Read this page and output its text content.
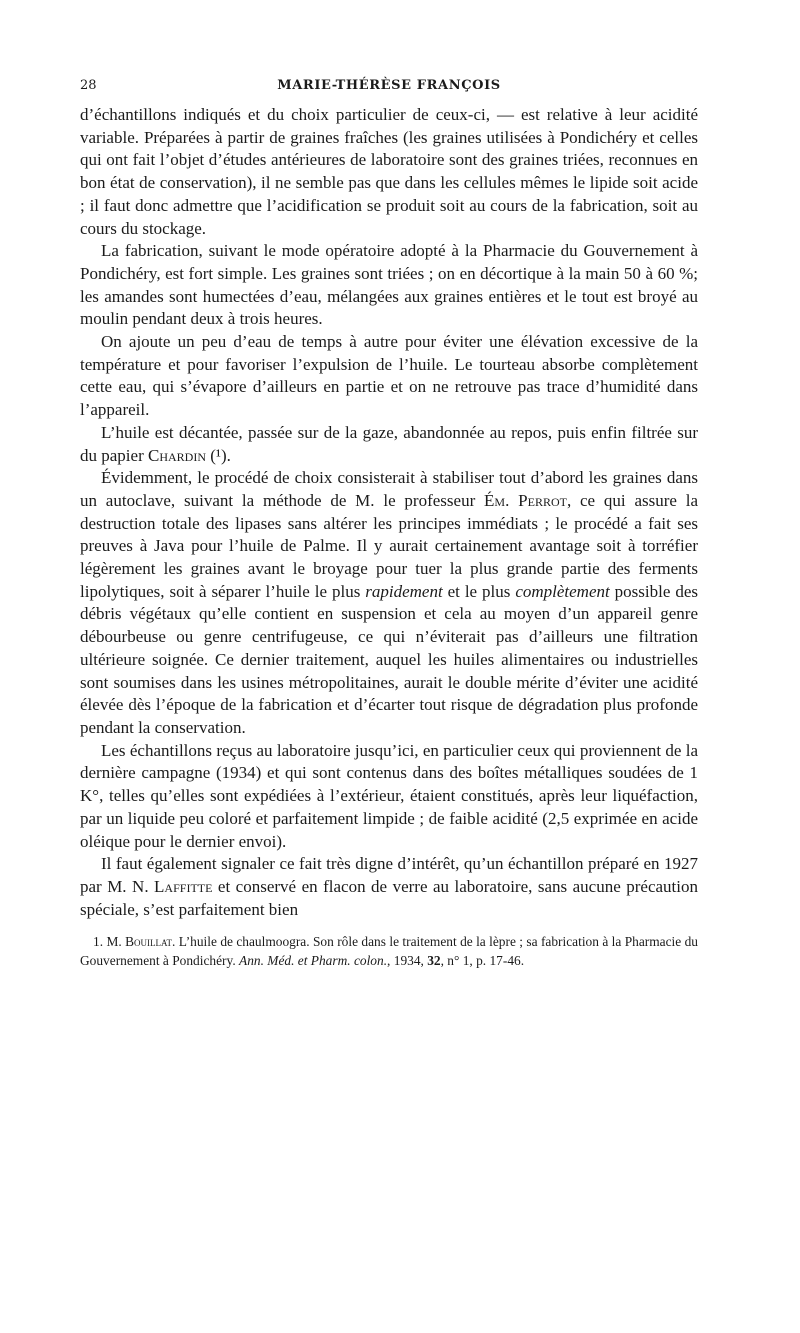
28	MARIE-THÉRÈSE FRANÇOIS

d’échantillons indiqués et du choix particulier de ceux-ci, — est relative à leur acidité variable. Préparées à partir de graines fraîches (les graines utilisées à Pondichéry et celles qui ont fait l’objet d’études antérieures de laboratoire sont des graines triées, reconnues en bon état de conservation), il ne semble pas que dans les cellules mêmes le lipide soit acide ; il faut donc admettre que l’acidification se produit soit au cours de la fabrication, soit au cours du stockage.

La fabrication, suivant le mode opératoire adopté à la Pharmacie du Gouvernement à Pondichéry, est fort simple. Les graines sont triées ; on en décortique à la main 50 à 60 %; les amandes sont humectées d’eau, mélangées aux graines entières et le tout est broyé au moulin pendant deux à trois heures.

On ajoute un peu d’eau de temps à autre pour éviter une élévation excessive de la température et pour favoriser l’expulsion de l’huile. Le tourteau absorbe complètement cette eau, qui s’évapore d’ailleurs en partie et on ne retrouve pas trace d’humidité dans l’appareil.

L’huile est décantée, passée sur de la gaze, abandonnée au repos, puis enfin filtrée sur du papier Chardin (¹).

Évidemment, le procédé de choix consisterait à stabiliser tout d’abord les graines dans un autoclave, suivant la méthode de M. le professeur Ém. Perrot, ce qui assure la destruction totale des lipases sans altérer les principes immédiats ; le procédé a fait ses preuves à Java pour l’huile de Palme. Il y aurait certainement avantage soit à torréfier légèrement les graines avant le broyage pour tuer la plus grande partie des ferments lipolytiques, soit à séparer l’huile le plus rapidement et le plus complètement possible des débris végétaux qu’elle contient en suspension et cela au moyen d’un appareil genre débourbeuse ou genre centrifugeuse, ce qui n’éviterait pas d’ailleurs une filtration ultérieure soignée. Ce dernier traitement, auquel les huiles alimentaires ou industrielles sont soumises dans les usines métropolitaines, aurait le double mérite d’éviter une acidité élevée dès l’époque de la fabrication et d’écarter tout risque de dégradation plus profonde pendant la conservation.

Les échantillons reçus au laboratoire jusqu’ici, en particulier ceux qui proviennent de la dernière campagne (1934) et qui sont contenus dans des boîtes métalliques soudées de 1 K°, telles qu’elles sont expédiées à l’extérieur, étaient constitués, après leur liquéfaction, par un liquide peu coloré et parfaitement limpide ; de faible acidité (2,5 exprimée en acide oléique pour le dernier envoi).

Il faut également signaler ce fait très digne d’intérêt, qu’un échantillon préparé en 1927 par M. N. Laffitte et conservé en flacon de verre au laboratoire, sans aucune précaution spéciale, s’est parfaitement bien

1. M. Bouillat. L’huile de chaulmoogra. Son rôle dans le traitement de la lèpre ; sa fabrication à la Pharmacie du Gouvernement à Pondichéry. Ann. Méd. et Pharm. colon., 1934, 32, n° 1, p. 17-46.
